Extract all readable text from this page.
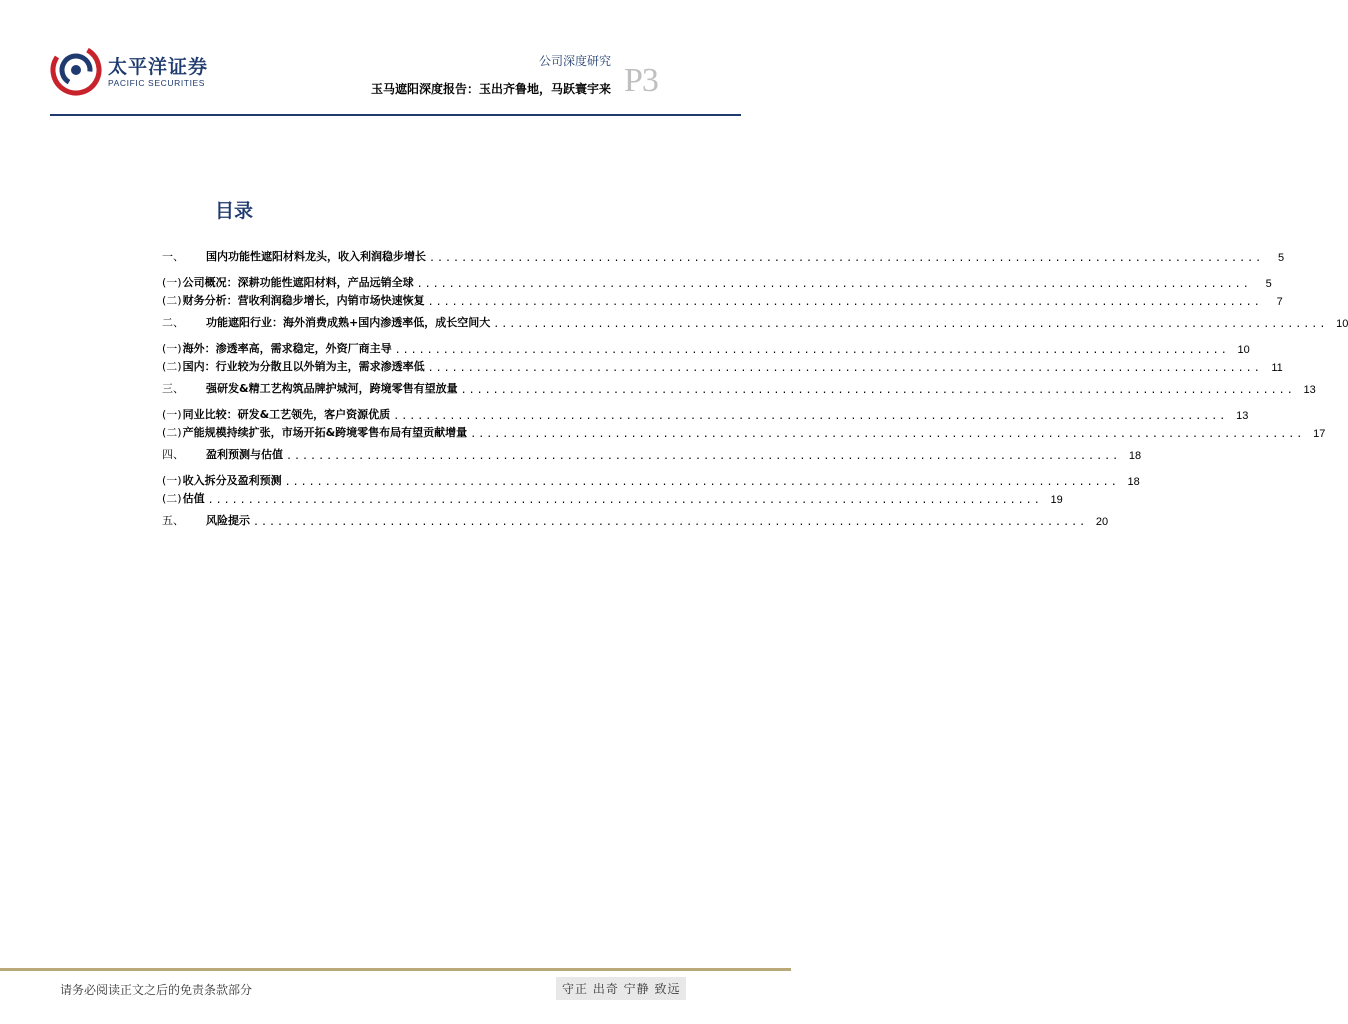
太平洋证券
PACIFIC SECURITIES
公司深度研究
玉马遮阳深度报告：玉出齐鲁地，马跃寰宇来 P3
目录
一、	国内功能性遮阳材料龙头，收入利润稳步增长 ........................................................................................................	5
(一) 公司概况：深耕功能性遮阳材料，产品远销全球 ........................................................................................................	5
(二) 财务分析：营收利润稳步增长，内销市场快速恢复 ........................................................................................................	7
二、	功能遮阳行业：海外消费成熟+国内渗透率低，成长空间大 ........................................................................................................ 10
(一) 海外：渗透率高，需求稳定，外资厂商主导 ........................................................................................................ 10
(二) 国内：行业较为分散且以外销为主，需求渗透率低 ........................................................................................................ 11
三、	强研发&精工艺构筑品牌护城河，跨境零售有望放量 ........................................................................................................ 13
(一) 同业比较：研发&工艺领先，客户资源优质 ........................................................................................................ 13
(二) 产能规模持续扩张，市场开拓&跨境零售布局有望贡献增量 ........................................................................................................ 17
四、	盈利预测与估值 ........................................................................................................ 18
(一) 收入拆分及盈利预测 ........................................................................................................ 18
(二) 估值 ........................................................................................................ 19
五、	风险提示 ........................................................................................................ 20
请务必阅读正文之后的免责条款部分	守正 出奇 宁静 致远
